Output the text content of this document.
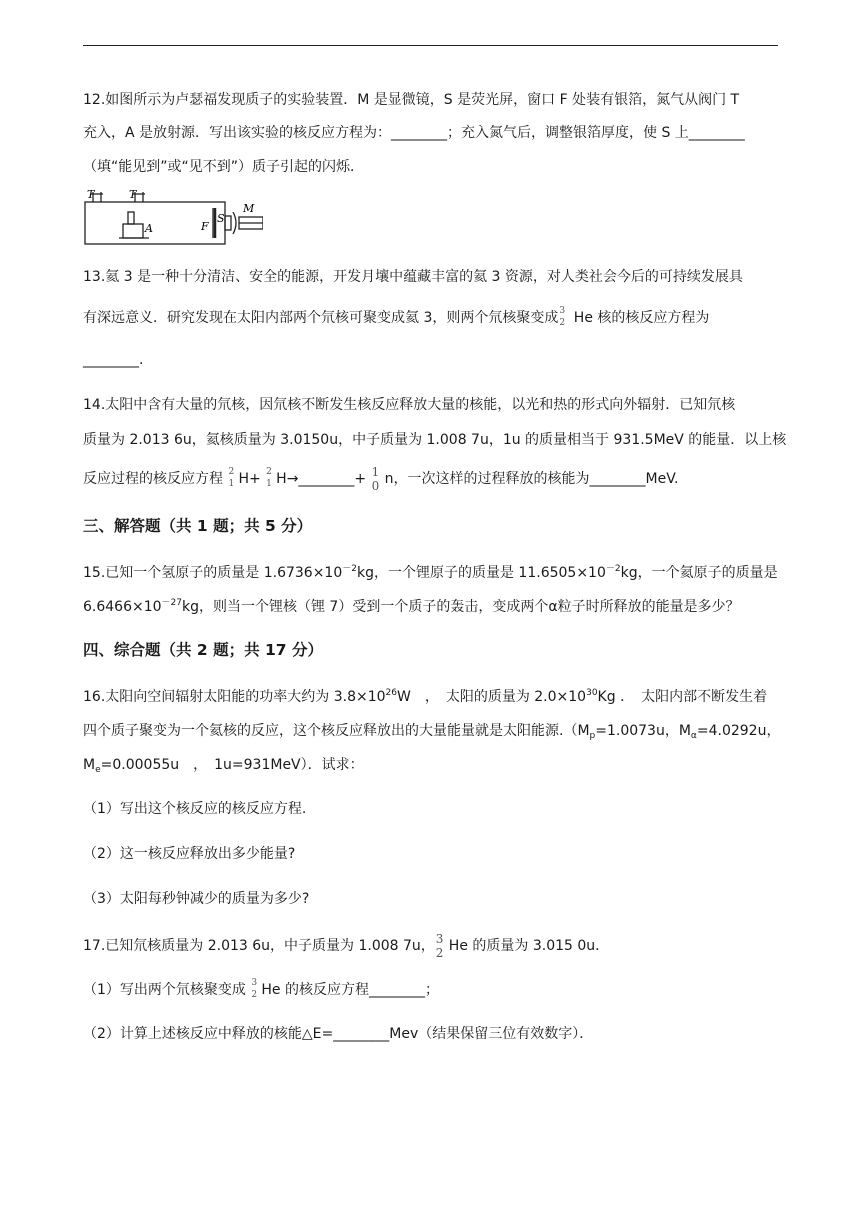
12.如图所示为卢瑟福发现质子的实验装置．M 是显微镜，S 是荧光屏，窗口 F 处装有银箔，氮气从阀门 T
充入，A 是放射源．写出该实验的核反应方程为：________；充入氮气后，调整银箔厚度，使 S 上________
（填“能见到”或“见不到”）质子引起的闪烁．
T	T
A	F
S
M
13.氦 3 是一种十分清洁、安全的能源，开发月壤中蕴藏丰富的氦 3 资源，对人类社会今后的可持续发展具
有深远意义．研究发现在太阳内部两个氘核可聚变成氦 3，则两个氘核聚变成 3
2 He 核的核反应方程为
________.
14.太阳中含有大量的氘核，因氘核不断发生核反应释放大量的核能，以光和热的形式向外辐射．已知氘核
质量为 2.013 6u，氦核质量为 3.0150u，中子质量为 1.008 7u，1u 的质量相当于 931.5MeV 的能量．以上核
反应过程的核反应方程 2
1 H+ 2
1 H→________+ 1
0 n，一次这样的过程释放的核能为________MeV.
三、解答题（共 1 题；共 5 分）
15.已知一个氢原子的质量是 $1.6736\times 10^{-2}kg$，一个锂原子的质量是 $11.6505\times 10^{-2}kg$，一个氦原子的质量是
$6.6466\times 10^{-27}kg$，则当一个锂核（锂 7）受到一个质子的轰击，变成两个α粒子时所释放的能量是多少？
四、综合题（共 2 题；共 17 分）
16.太阳向空间辐射太阳能的功率大约为 $3.8\times 10^{26}W$　，　太阳的质量为 $2.0\times 10^{30}Kg$ ．　太阳内部不断发生着
四个质子聚变为一个氦核的反应，这个核反应释放出的大量能量就是太阳能源$.(M_p=1.0073u$，$M_\alpha=4.0292u$，
$M_e=0.00055u$　，　1u=931MeV）．试求：
（1）写出这个核反应的核反应方程.
（2）这一核反应释放出多少能量?
（3）太阳每秒钟减少的质量为多少?
17.已知氘核质量为 2.013 6u，中子质量为 1.008 7u， 3
2 He 的质量为 3.015 0u．
（1）写出两个氘核聚变成 3
2 He 的核反应方程________；
（2）计算上述核反应中释放的核能△E=________Mev（结果保留三位有效数字）．
